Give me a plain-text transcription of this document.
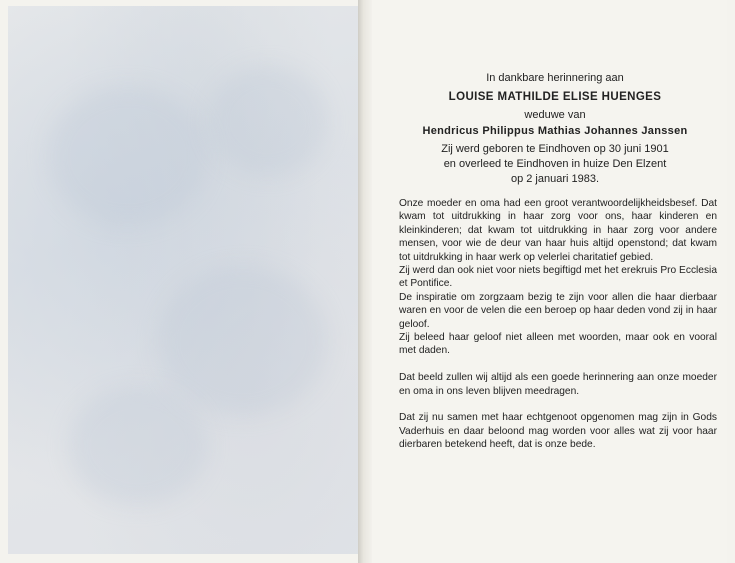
In dankbare herinnering aan

LOUISE MATHILDE ELISE HUENGES

weduwe van

Hendricus Philippus Mathias Johannes Janssen

Zij werd geboren te Eindhoven op 30 juni 1901
en overleed te Eindhoven in huize Den Elzent
op 2 januari 1983.

Onze moeder en oma had een groot verantwoordelijkheidsbesef. Dat kwam tot uitdrukking in haar zorg voor ons, haar kinderen en kleinkinderen; dat kwam tot uitdrukking in haar zorg voor andere mensen, voor wie de deur van haar huis altijd openstond; dat kwam tot uitdrukking in haar werk op velerlei charitatief gebied.

Zij werd dan ook niet voor niets begiftigd met het erekruis Pro Ecclesia et Pontifice.

De inspiratie om zorgzaam bezig te zijn voor allen die haar dierbaar waren en voor de velen die een beroep op haar deden vond zij in haar geloof.

Zij beleed haar geloof niet alleen met woorden, maar ook en vooral met daden.

Dat beeld zullen wij altijd als een goede herinnering aan onze moeder en oma in ons leven blijven meedragen.

Dat zij nu samen met haar echtgenoot opgenomen mag zijn in Gods Vaderhuis en daar beloond mag worden voor alles wat zij voor haar dierbaren betekend heeft, dat is onze bede.
